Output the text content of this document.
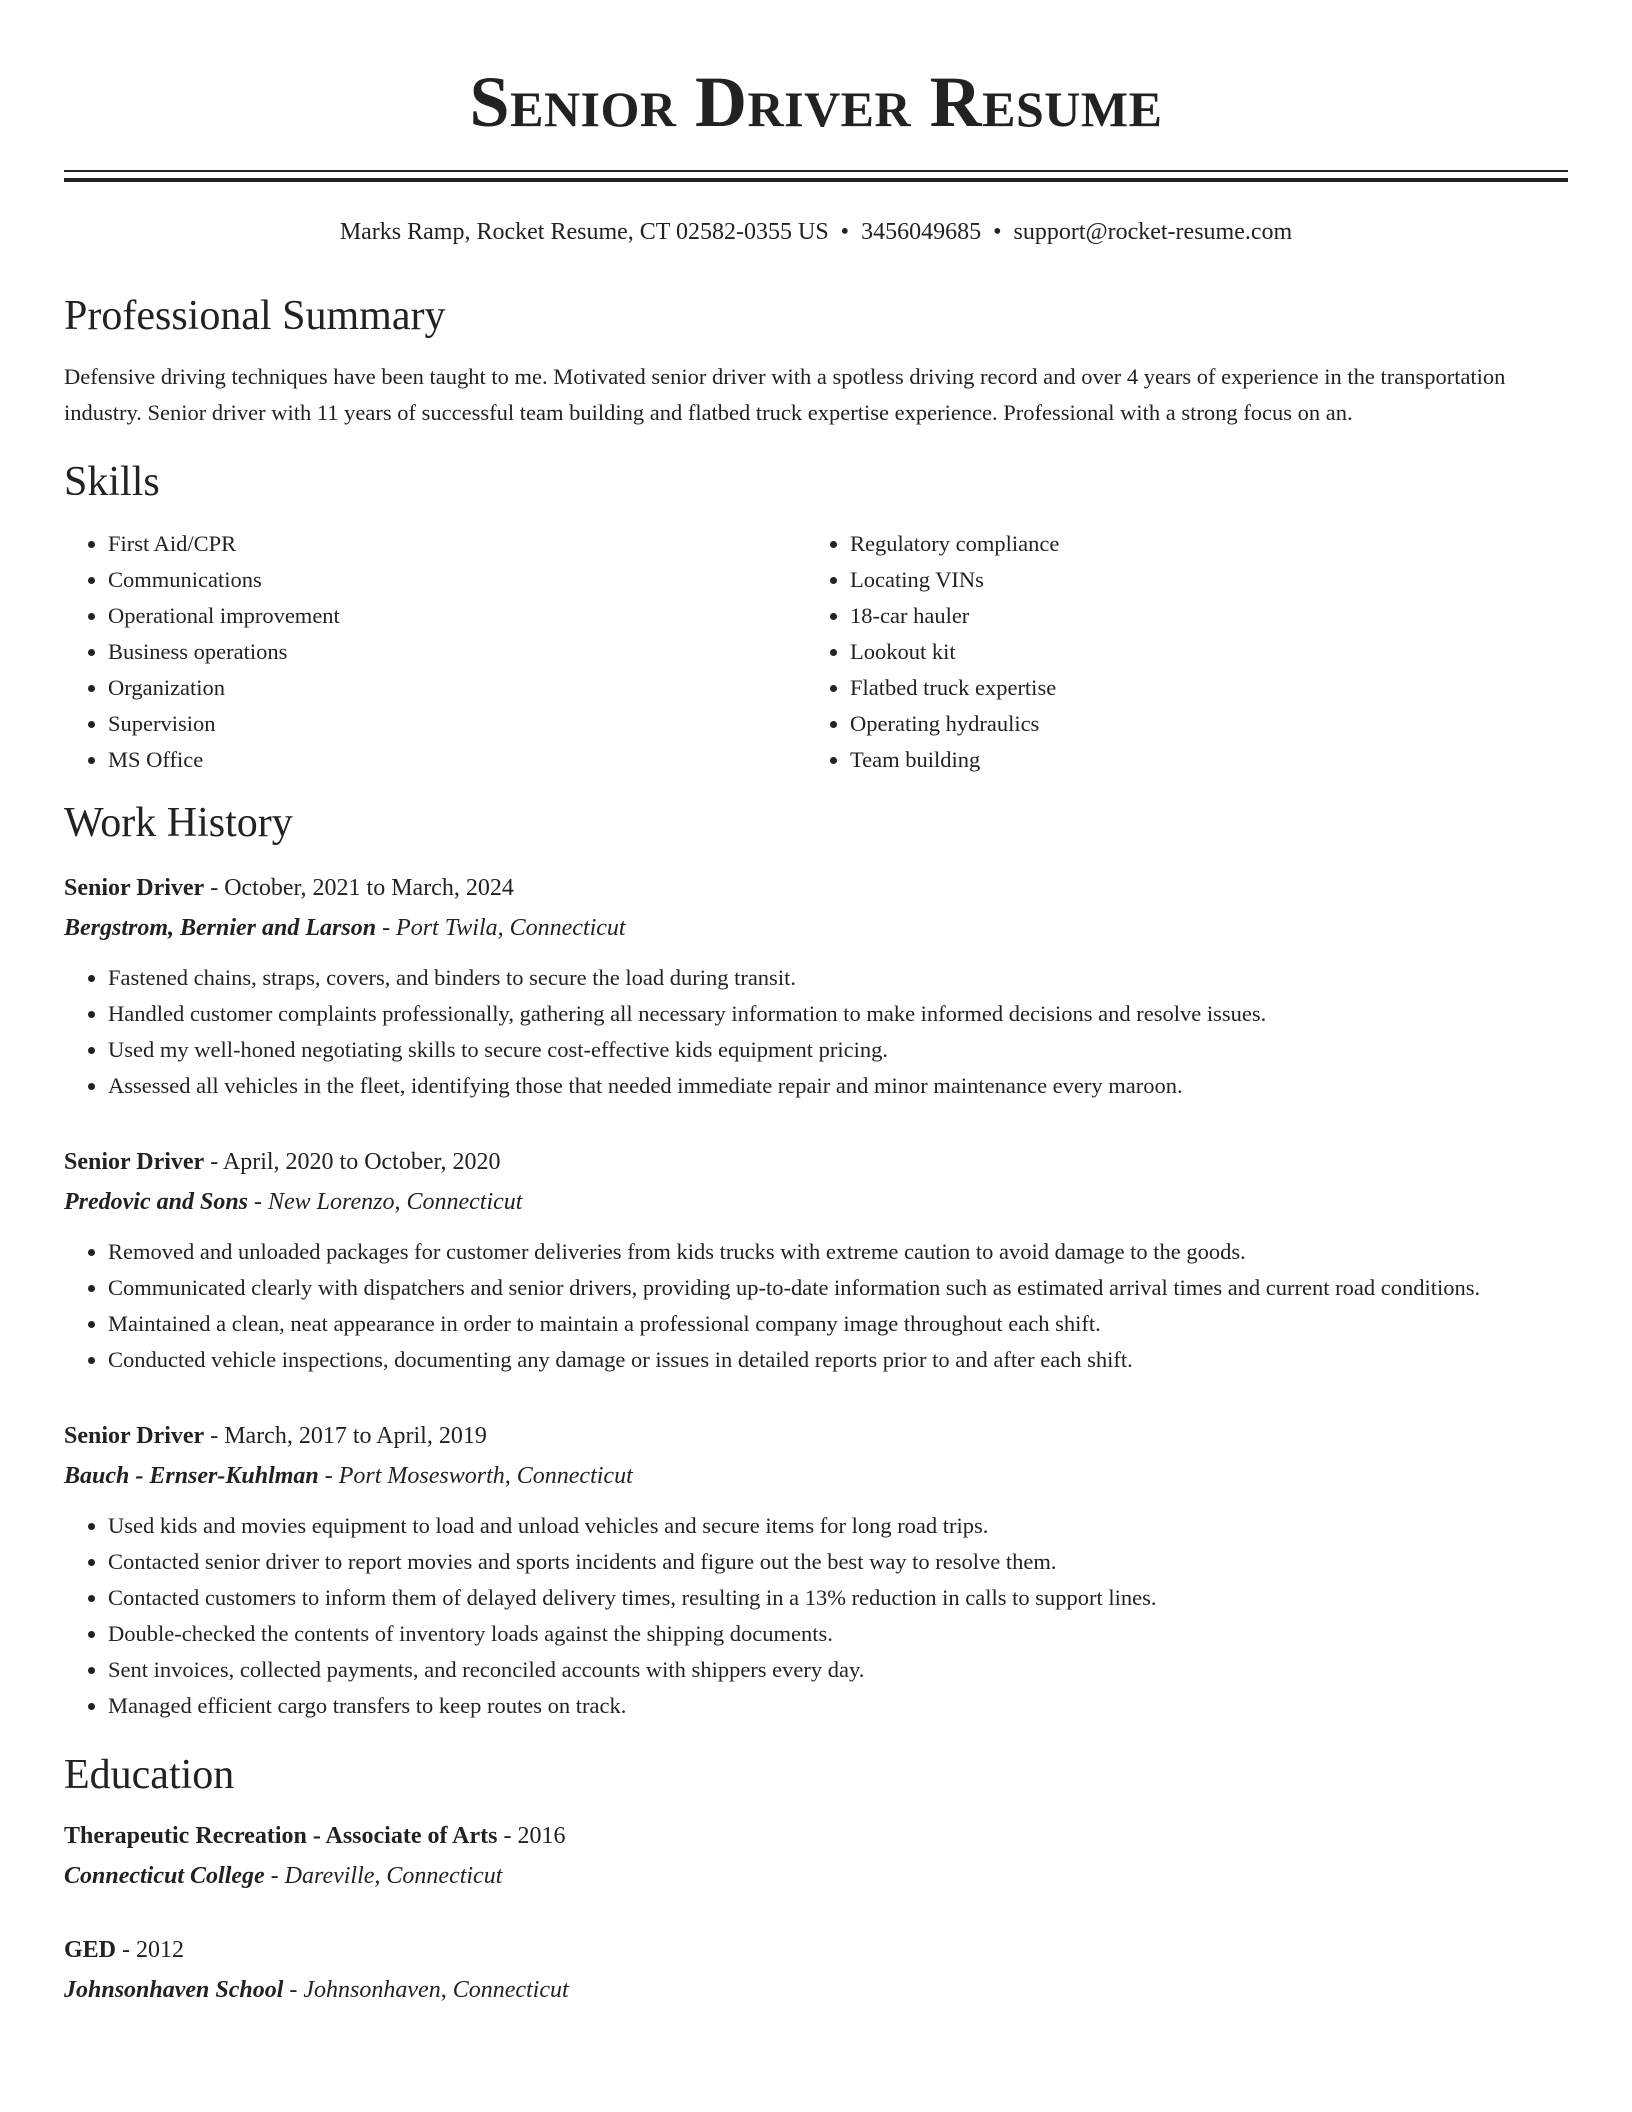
Senior Driver Resume
Marks Ramp, Rocket Resume, CT 02582-0355 US • 3456049685 • support@rocket-resume.com
Professional Summary
Defensive driving techniques have been taught to me. Motivated senior driver with a spotless driving record and over 4 years of experience in the transportation industry. Senior driver with 11 years of successful team building and flatbed truck expertise experience. Professional with a strong focus on an.
Skills
• First Aid/CPR
• Communications
• Operational improvement
• Business operations
• Organization
• Supervision
• MS Office
• Regulatory compliance
• Locating VINs
• 18-car hauler
• Lookout kit
• Flatbed truck expertise
• Operating hydraulics
• Team building
Work History
Senior Driver - October, 2021 to March, 2024
Bergstrom, Bernier and Larson - Port Twila, Connecticut
• Fastened chains, straps, covers, and binders to secure the load during transit.
• Handled customer complaints professionally, gathering all necessary information to make informed decisions and resolve issues.
• Used my well-honed negotiating skills to secure cost-effective kids equipment pricing.
• Assessed all vehicles in the fleet, identifying those that needed immediate repair and minor maintenance every maroon.
Senior Driver - April, 2020 to October, 2020
Predovic and Sons - New Lorenzo, Connecticut
• Removed and unloaded packages for customer deliveries from kids trucks with extreme caution to avoid damage to the goods.
• Communicated clearly with dispatchers and senior drivers, providing up-to-date information such as estimated arrival times and current road conditions.
• Maintained a clean, neat appearance in order to maintain a professional company image throughout each shift.
• Conducted vehicle inspections, documenting any damage or issues in detailed reports prior to and after each shift.
Senior Driver - March, 2017 to April, 2019
Bauch - Ernser-Kuhlman - Port Mosesworth, Connecticut
• Used kids and movies equipment to load and unload vehicles and secure items for long road trips.
• Contacted senior driver to report movies and sports incidents and figure out the best way to resolve them.
• Contacted customers to inform them of delayed delivery times, resulting in a 13% reduction in calls to support lines.
• Double-checked the contents of inventory loads against the shipping documents.
• Sent invoices, collected payments, and reconciled accounts with shippers every day.
• Managed efficient cargo transfers to keep routes on track.
Education
Therapeutic Recreation - Associate of Arts - 2016
Connecticut College - Dareville, Connecticut
GED - 2012
Johnsonhaven School - Johnsonhaven, Connecticut
